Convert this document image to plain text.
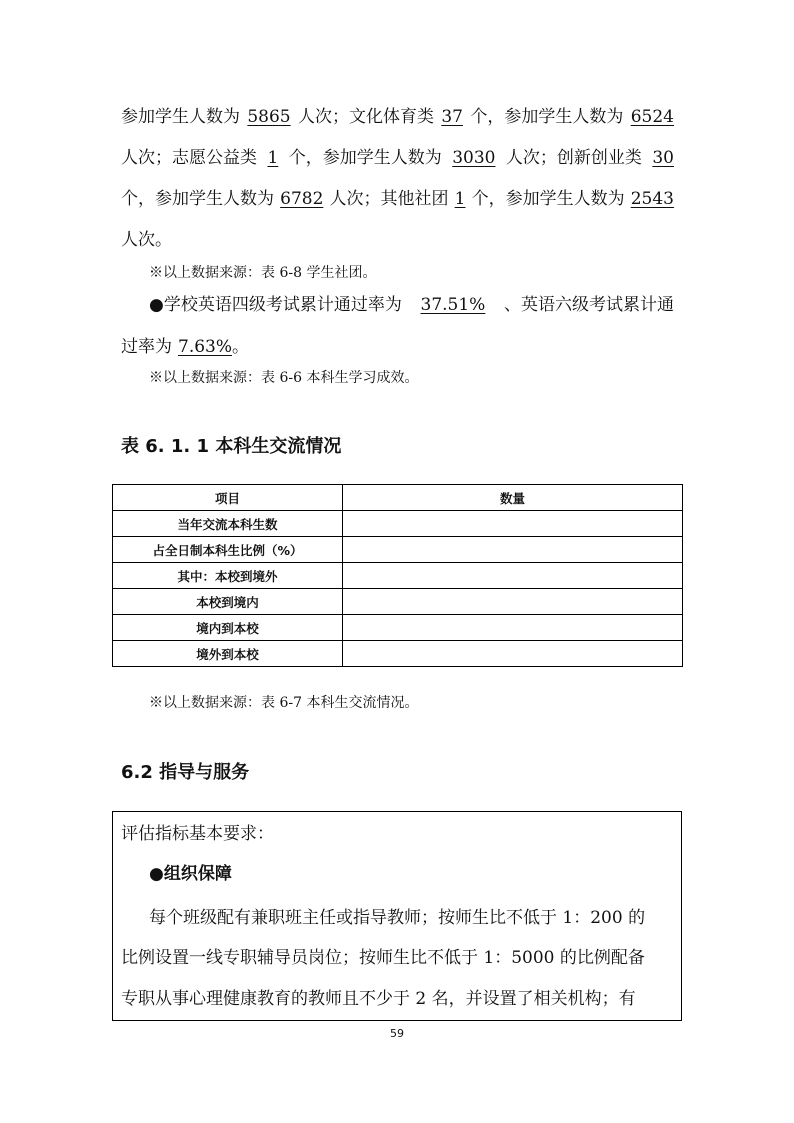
参加学生人数为 5865 人次；文化体育类 37 个，参加学生人数为 6524
人次；志愿公益类 1 个，参加学生人数为 3030 人次；创新创业类 30
个，参加学生人数为 6782 人次；其他社团 1 个，参加学生人数为 2543
人次。
※以上数据来源：表 6-8 学生社团。
●学校英语四级考试累计通过率为 37.51% 、英语六级考试累计通
过率为 7.63% 。
※以上数据来源：表 6-6 本科生学习成效。
表 6. 1. 1 本科生交流情况
项目	数量
当年交流本科生数	
占全日制本科生比例（%）	
其中：本校到境外	
本校到境内	
境内到本校	
境外到本校	
※以上数据来源：表 6-7 本科生交流情况。
6.2 指导与服务
评估指标基本要求：
●组织保障
每个班级配有兼职班主任或指导教师；按师生比不低于 1：200 的
比例设置一线专职辅导员岗位；按师生比不低于 1：5000 的比例配备
专职从事心理健康教育的教师且不少于 2 名，并设置了相关机构；有
59
